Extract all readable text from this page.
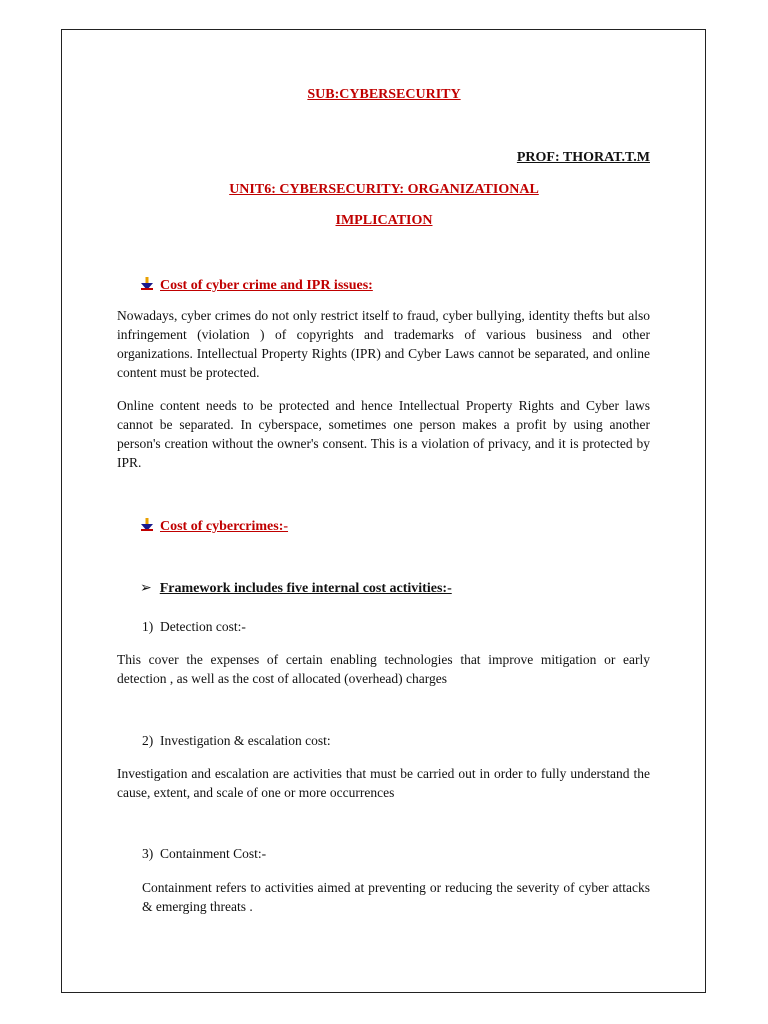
SUB:CYBERSECURITY

PROF: THORAT.T.M

UNIT6: CYBERSECURITY: ORGANIZATIONAL

IMPLICATION

Cost of cyber crime and IPR issues:

Nowadays, cyber crimes do not only restrict itself to fraud, cyber bullying, identity thefts but also infringement (violation ) of copyrights and trademarks of various business and other organizations. Intellectual Property Rights (IPR) and Cyber Laws cannot be separated, and online content must be protected.

Online content needs to be protected and hence Intellectual Property Rights and Cyber laws cannot be separated. In cyberspace, sometimes one person makes a profit by using another person's creation without the owner's consent. This is a violation of privacy, and it is protected by IPR.

Cost of cybercrimes:-
➢ Framework includes five internal cost activities:-

1)  Detection cost:-

This cover the expenses of certain enabling technologies that improve mitigation or early detection , as well as the cost of allocated (overhead) charges

2)  Investigation & escalation cost:

Investigation and escalation are activities that must be carried out in order to fully understand the cause, extent, and scale of one or more occurrences

3)  Containment Cost:-

Containment refers to activities aimed at preventing or reducing the severity of cyber attacks & emerging threats .
